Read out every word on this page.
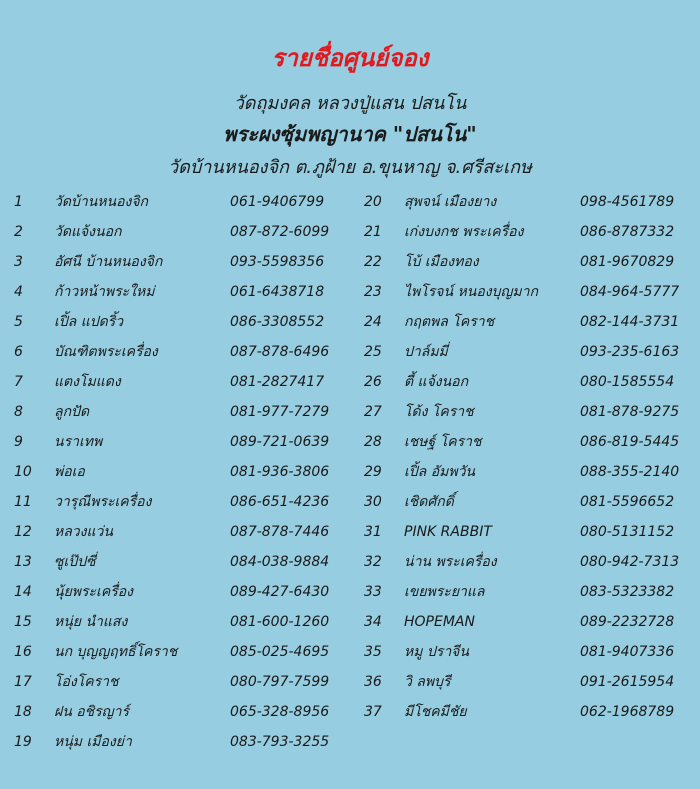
รายชื่อศูนย์จอง
วัดถุมงคล หลวงปู่แสน ปสนโน
พระผงซุ้มพญานาค "ปสนโน"
วัดบ้านหนองจิก ต.ภูฝ้าย อ.ขุนหาญ จ.ศรีสะเกษ
1	วัดบ้านหนองจิก	061-9406799
2	วัดแจ้งนอก	087-872-6099
3	อัศนี บ้านหนองจิก	093-5598356
4	ก้าวหน้าพระใหม่	061-6438718
5	เปิ้ล แปดริ้ว	086-3308552
6	บัณฑิตพระเครื่อง	087-878-6496
7	แตงโมแดง	081-2827417
8	ลูกปัด	081-977-7279
9	นราเทพ	089-721-0639
10	พ่อเอ	081-936-3806
11	วารุณีพระเครื่อง	086-651-4236
12	หลวงแว่น	087-878-7446
13	ซูเป๊ปซี่	084-038-9884
14	นุ้ยพระเครื่อง	089-427-6430
15	หนุ่ย นำแสง	081-600-1260
16	นก บุญญฤทธิ์โคราช	085-025-4695
17	โอ่งโคราช	080-797-7599
18	ฝน อชิรญาร์	065-328-8956
19	หนุ่ม เมืองย่า	083-793-3255
20	สุพจน์ เมืองยาง	098-4561789
21	เก่งบงกช พระเครื่อง	086-8787332
22	โบ้ เมืองทอง	081-9670829
23	ไพโรจน์ หนองบุญมาก	084-964-5777
24	กฤตพล โคราช	082-144-3731
25	ปาล์มมี่	093-235-6163
26	ตี้ แจ้งนอก	080-1585554
27	โด้ง โคราช	081-878-9275
28	เชษฐ์ โคราช	086-819-5445
29	เปิ้ล อัมพวัน	088-355-2140
30	เชิดศักดิ์	081-5596652
31	PINK RABBIT	080-5131152
32	น่าน พระเครื่อง	080-942-7313
33	เขยพระยาแล	083-5323382
34	HOPEMAN	089-2232728
35	หมู ปราจีน	081-9407336
36	วิ ลพบุรี	091-2615954
37	มีโชคมีชัย	062-1968789
